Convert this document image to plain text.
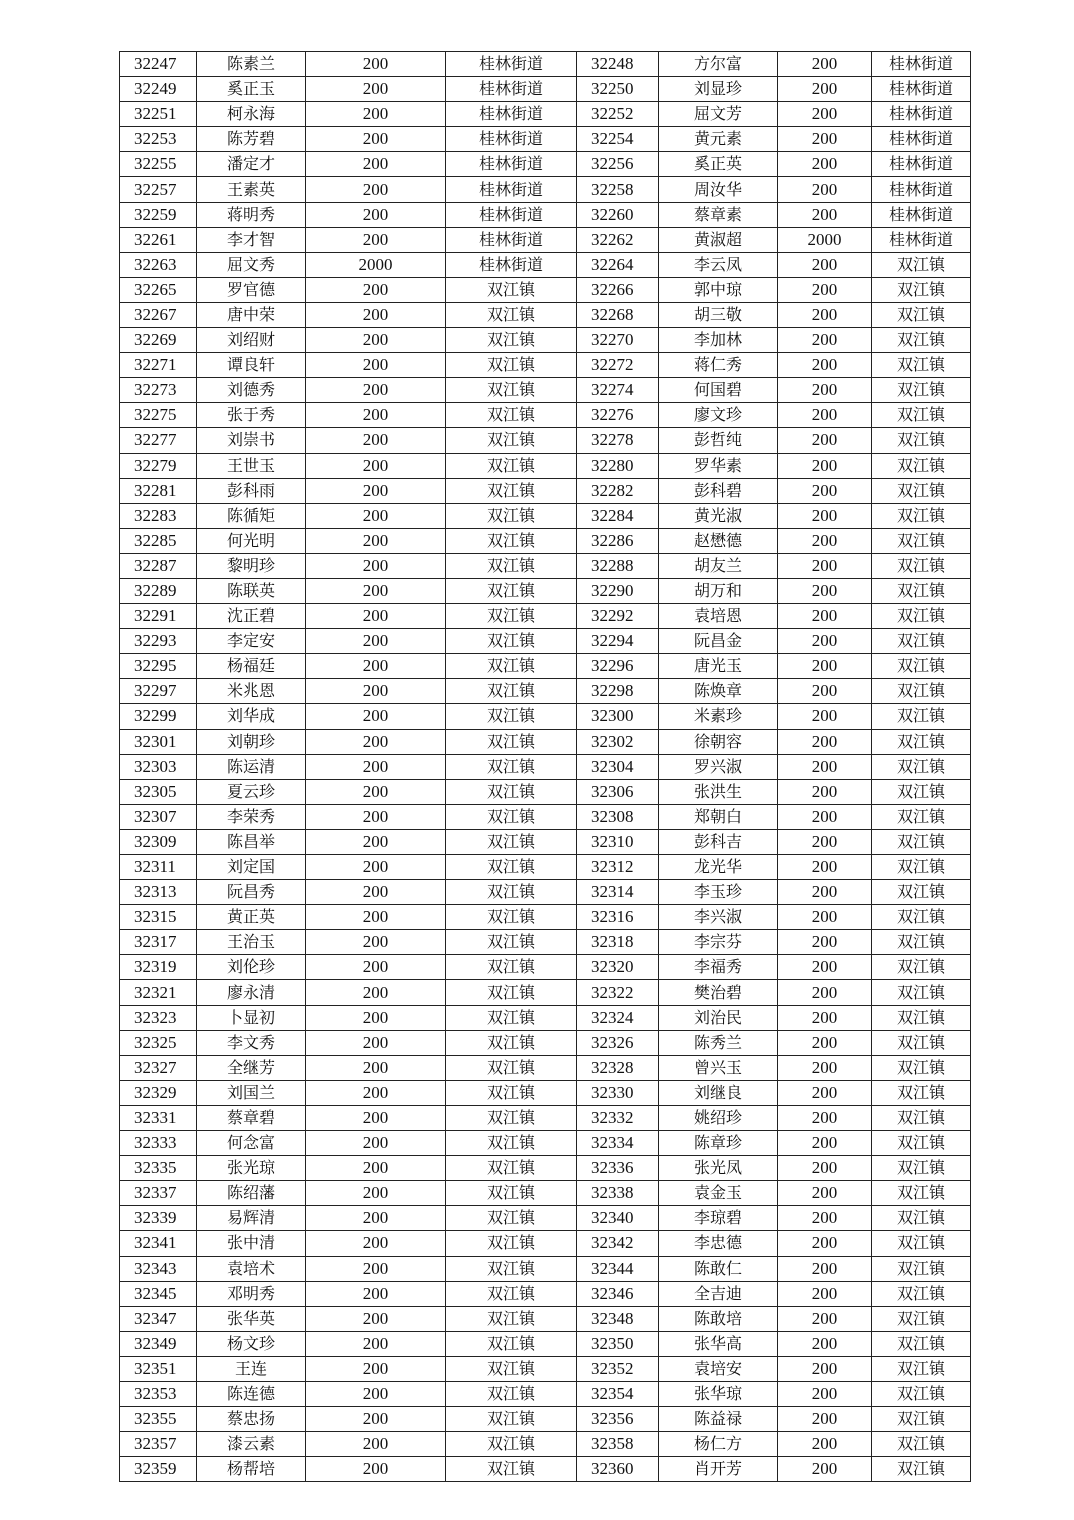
32247	陈素兰	200	桂林街道	32248	方尔富	200	桂林街道
32249	奚正玉	200	桂林街道	32250	刘显珍	200	桂林街道
32251	柯永海	200	桂林街道	32252	屈文芳	200	桂林街道
32253	陈芳碧	200	桂林街道	32254	黄元素	200	桂林街道
32255	潘定才	200	桂林街道	32256	奚正英	200	桂林街道
32257	王素英	200	桂林街道	32258	周汝华	200	桂林街道
32259	蒋明秀	200	桂林街道	32260	蔡章素	200	桂林街道
32261	李才智	200	桂林街道	32262	黄淑超	2000	桂林街道
32263	屈文秀	2000	桂林街道	32264	李云凤	200	双江镇
32265	罗官德	200	双江镇	32266	郭中琼	200	双江镇
32267	唐中荣	200	双江镇	32268	胡三敬	200	双江镇
32269	刘绍财	200	双江镇	32270	李加林	200	双江镇
32271	谭良轩	200	双江镇	32272	蒋仁秀	200	双江镇
32273	刘德秀	200	双江镇	32274	何国碧	200	双江镇
32275	张于秀	200	双江镇	32276	廖文珍	200	双江镇
32277	刘崇书	200	双江镇	32278	彭哲纯	200	双江镇
32279	王世玉	200	双江镇	32280	罗华素	200	双江镇
32281	彭科雨	200	双江镇	32282	彭科碧	200	双江镇
32283	陈循矩	200	双江镇	32284	黄光淑	200	双江镇
32285	何光明	200	双江镇	32286	赵懋德	200	双江镇
32287	黎明珍	200	双江镇	32288	胡友兰	200	双江镇
32289	陈联英	200	双江镇	32290	胡万和	200	双江镇
32291	沈正碧	200	双江镇	32292	袁培恩	200	双江镇
32293	李定安	200	双江镇	32294	阮昌金	200	双江镇
32295	杨福廷	200	双江镇	32296	唐光玉	200	双江镇
32297	米兆恩	200	双江镇	32298	陈焕章	200	双江镇
32299	刘华成	200	双江镇	32300	米素珍	200	双江镇
32301	刘朝珍	200	双江镇	32302	徐朝容	200	双江镇
32303	陈运清	200	双江镇	32304	罗兴淑	200	双江镇
32305	夏云珍	200	双江镇	32306	张洪生	200	双江镇
32307	李荣秀	200	双江镇	32308	郑朝白	200	双江镇
32309	陈昌举	200	双江镇	32310	彭科吉	200	双江镇
32311	刘定国	200	双江镇	32312	龙光华	200	双江镇
32313	阮昌秀	200	双江镇	32314	李玉珍	200	双江镇
32315	黄正英	200	双江镇	32316	李兴淑	200	双江镇
32317	王治玉	200	双江镇	32318	李宗芬	200	双江镇
32319	刘伦珍	200	双江镇	32320	李福秀	200	双江镇
32321	廖永清	200	双江镇	32322	樊治碧	200	双江镇
32323	卜显初	200	双江镇	32324	刘治民	200	双江镇
32325	李文秀	200	双江镇	32326	陈秀兰	200	双江镇
32327	全继芳	200	双江镇	32328	曾兴玉	200	双江镇
32329	刘国兰	200	双江镇	32330	刘继良	200	双江镇
32331	蔡章碧	200	双江镇	32332	姚绍珍	200	双江镇
32333	何念富	200	双江镇	32334	陈章珍	200	双江镇
32335	张光琼	200	双江镇	32336	张光凤	200	双江镇
32337	陈绍藩	200	双江镇	32338	袁金玉	200	双江镇
32339	易辉清	200	双江镇	32340	李琼碧	200	双江镇
32341	张中清	200	双江镇	32342	李忠德	200	双江镇
32343	袁培术	200	双江镇	32344	陈敢仁	200	双江镇
32345	邓明秀	200	双江镇	32346	全吉迪	200	双江镇
32347	张华英	200	双江镇	32348	陈敢培	200	双江镇
32349	杨文珍	200	双江镇	32350	张华高	200	双江镇
32351	王连	200	双江镇	32352	袁培安	200	双江镇
32353	陈连德	200	双江镇	32354	张华琼	200	双江镇
32355	蔡忠扬	200	双江镇	32356	陈益禄	200	双江镇
32357	漆云素	200	双江镇	32358	杨仁方	200	双江镇
32359	杨帮培	200	双江镇	32360	肖开芳	200	双江镇
